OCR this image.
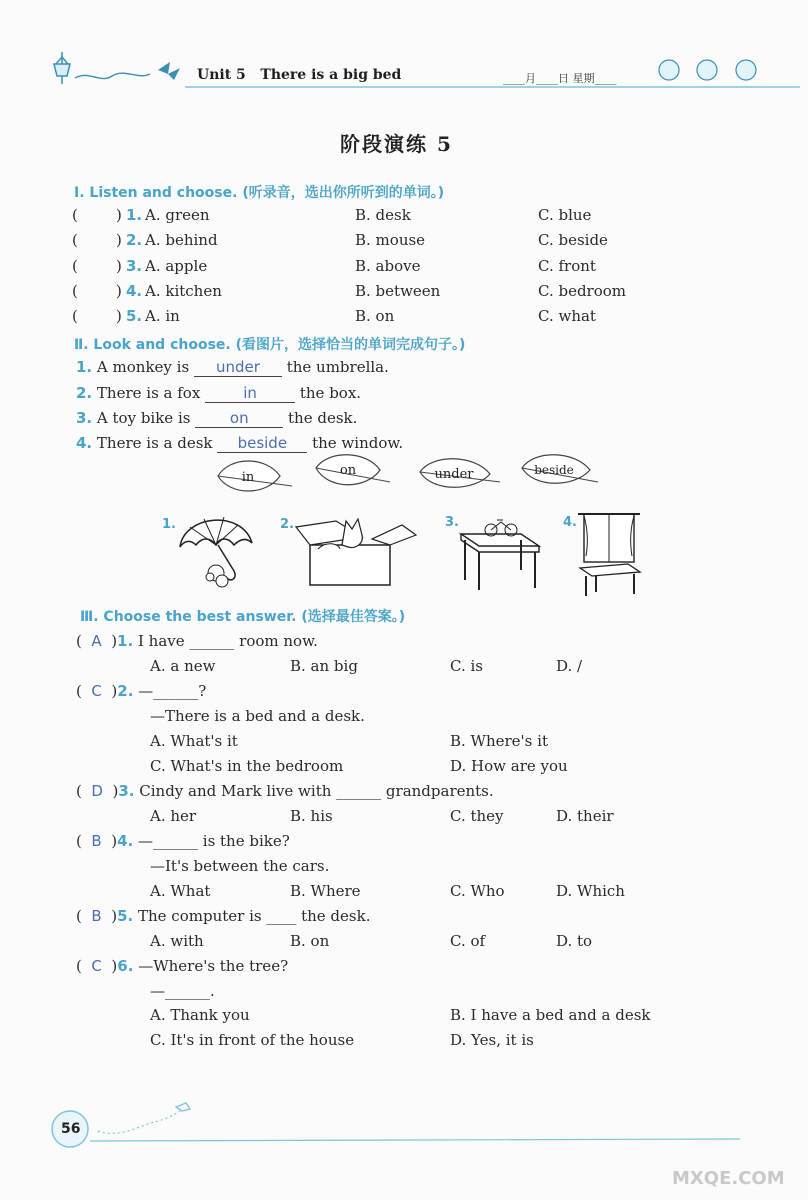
Unit 5   There is a big bed	____月____日 星期____
阶段演练 5
Ⅰ. Listen and choose. (听录音，选出你所听到的单词。)
(        ) 1. A. green	B. desk	C. blue
(        ) 2. A. behind	B. mouse	C. beside
(        ) 3. A. apple	B. above	C. front
(        ) 4. A. kitchen	B. between	C. bedroom
(        ) 5. A. in	B. on	C. what
Ⅱ. Look and choose. (看图片，选择恰当的单词完成句子。)
1. A monkey is under the umbrella.
2. There is a fox	in	the box.
3. A toy bike is	on	the desk.
4. There is a desk beside the window.
in	on	under	beside
1.	2.	3.	4.
Ⅲ. Choose the best answer. (选择最佳答案。)
(  A  )1. I have ______ room now.
A. a new	B. an big	C. is	D. /
(  C  )2. —______?
—There is a bed and a desk.
A. What's it	B. Where's it
C. What's in the bedroom	D. How are you
(  D  )3. Cindy and Mark live with ______ grandparents.
A. her	B. his	C. they	D. their
(  B  )4. —______ is the bike?
—It's between the cars.
A. What	B. Where	C. Who	D. Which
(  B  )5. The computer is ____ the desk.
A. with	B. on	C. of	D. to
(  C  )6. —Where's the tree?
—______.
A. Thank you	B. I have a bed and a desk
C. It's in front of the house	D. Yes, it is
56
MXQE.COM
